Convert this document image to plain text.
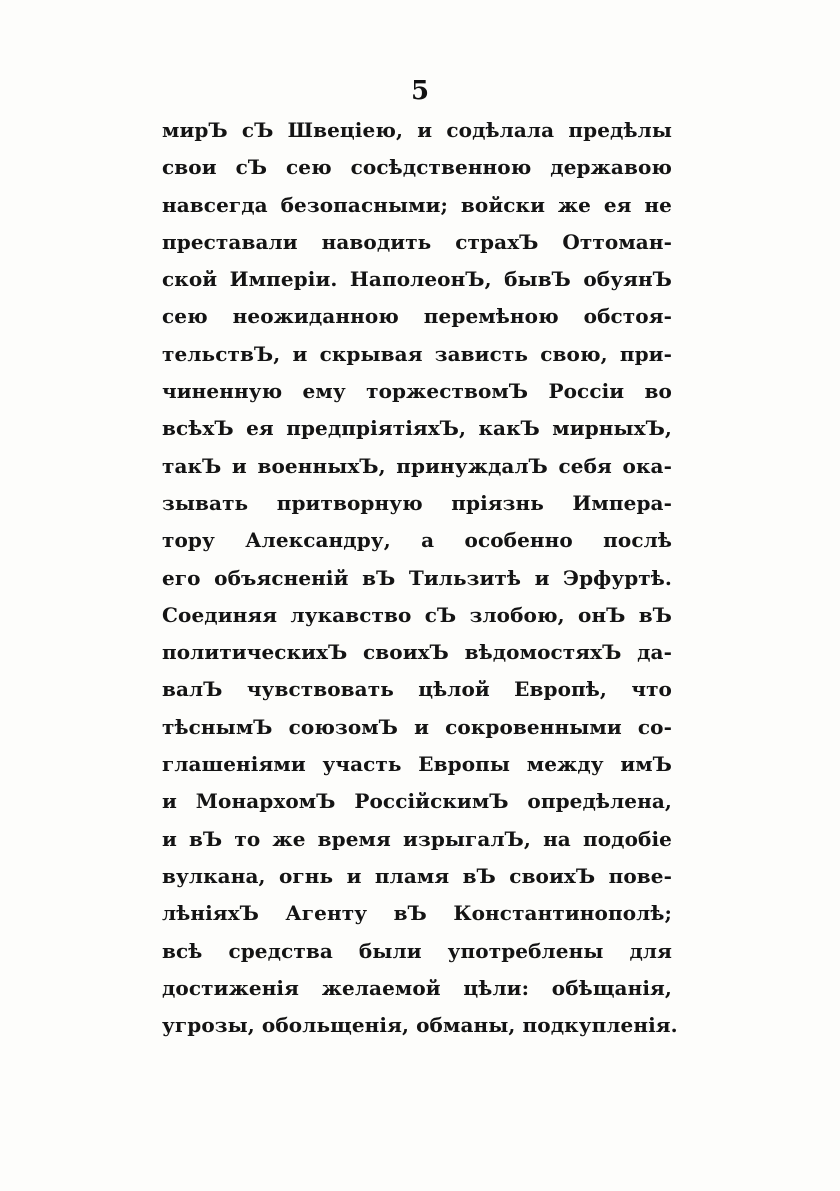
5
мирЪ сЪ Швецiею, и содѣлала предѣлы
свои сЪ сею сосѣдственною державою
навсегда безопасными; войски же ея не
преставали наводить страхЪ Оттоман-
ской Имперiи. НаполеонЪ, бывЪ обуянЪ
сею неожиданною перемѣною обстоя-
тельствЪ, и скрывая зависть свою, при-
чиненную ему торжествомЪ Россiи во
всѣхЪ ея предпрiятiяхЪ, какЪ мирныхЪ,
такЪ и военныхЪ, принуждалЪ себя ока-
зывать притворную прiязнь Импера-
тору Александру, а особенно послѣ
его объясненiй вЪ Тильзитѣ и Эрфуртѣ.
Соединяя лукавство сЪ злобою, онЪ вЪ
политическихЪ своихЪ вѣдомостяхЪ да-
валЪ чувствовать цѣлой Европѣ, что
тѣснымЪ союзомЪ и сокровенными со-
глашенiями участь Европы между имЪ
и МонархомЪ РоссiйскимЪ опредѣлена,
и вЪ то же время изрыгалЪ, на подобiе
вулкана, огнь и пламя вЪ своихЪ пове-
лѣнiяхЪ Агенту вЪ Константинополѣ;
всѣ средства были употреблены для
достиженiя желаемой цѣли: обѣщанiя,
угрозы, обольщенiя, обманы, подкупленiя.
